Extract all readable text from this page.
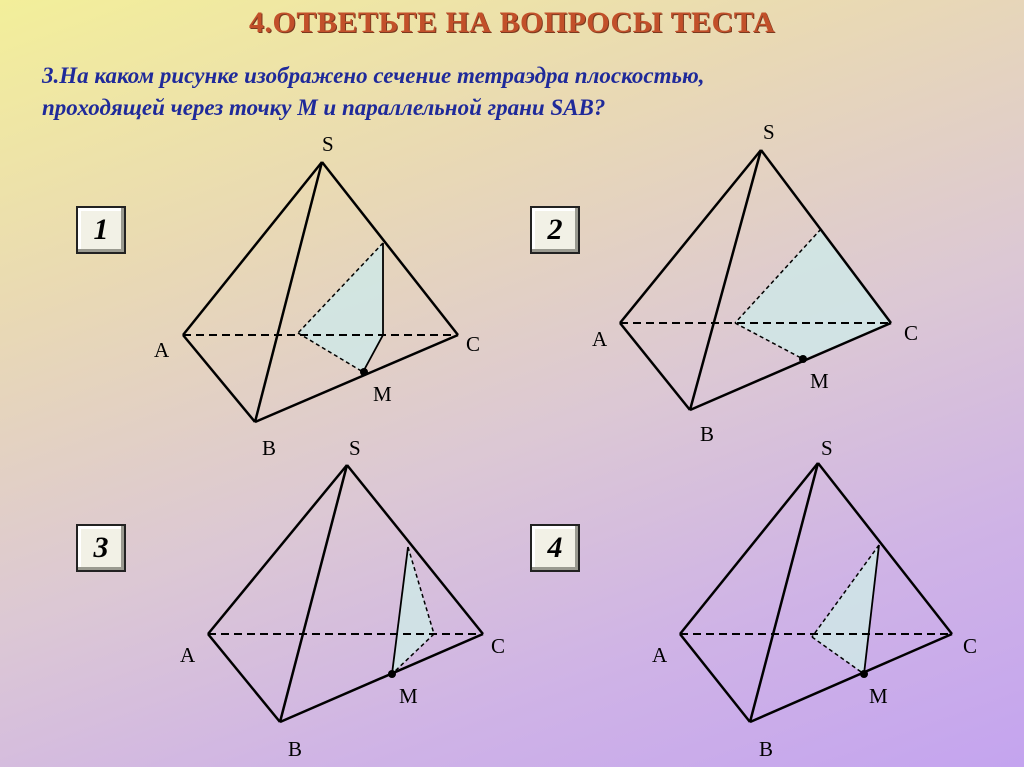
4.ОТВЕТЬТЕ НА ВОПРОСЫ ТЕСТА
3.На каком рисунке изображено сечение тетраэдра плоскостью,
проходящей через точку М и параллельной грани SAB?
1	2
3	4
S
A
B
C
M
S
A
B
C
M
S
A
B
C
M
S
A
B
C
M
